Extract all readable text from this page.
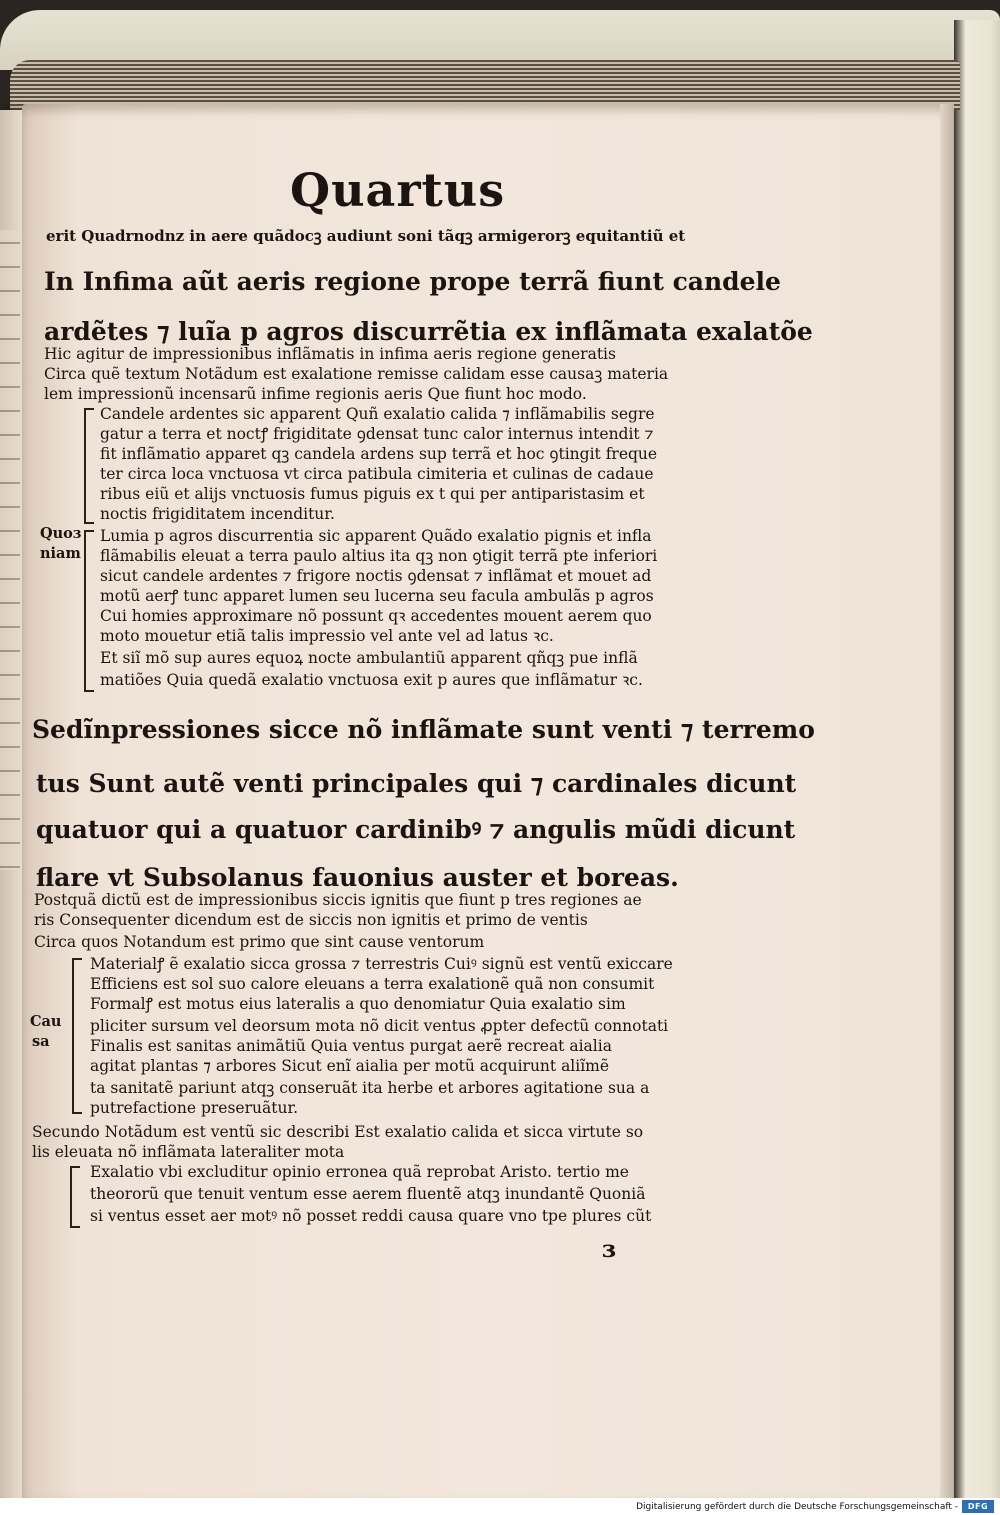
Quartus
erit Quadrnodnz in aere quãdocꝫ audiunt soni tãqꝫ armigerorꝫ equitantiũ et
In Infima aũt aeris regione prope terrã fiunt candele
ardẽtes ⁊ luĩa p agros discurrẽtia ex inflãmata exalatõe
Hic agitur de impressionibus inflãmatis in infima aeris regione generatis
Circa quẽ textum Notãdum est exalatione remisse calidam esse causaꝫ materia
lem impressionũ incensarũ infime regionis aeris Que fiunt hoc modo.
Candele ardentes sic apparent Quñ exalatio calida ⁊ inflãmabilis segre
gatur a terra et noctꝭ frigiditate ꝯdensat tunc calor internus intendit ⁊
fit inflãmatio apparet qꝫ candela ardens sup terrã et hoc ꝯtingit freque
ter circa loca vnctuosa vt circa patibula cimiteria et culinas de cadaue
ribus eiũ et alijs vnctuosis fumus piguis ex t qui per antiparistasim et
noctis frigiditatem incenditur.
Quoɜ
niam
Lumia p agros discurrentia sic apparent Quãdo exalatio pignis et infla
flãmabilis eleuat a terra paulo altius ita qꝫ non ꝯtigit terrã pte inferiori
sicut candele ardentes ⁊ frigore noctis ꝯdensat ⁊ inflãmat et mouet ad
motũ aerꝭ tunc apparet lumen seu lucerna seu facula ambulãs p agros
Cui homies approximare nõ possunt qꝛ accedentes mouent aerem quo
moto mouetur etiã talis impressio vel ante vel ad latus ꝛc.
Et siĩ mõ sup aures equoꝝ nocte ambulantiũ apparent qñqꝫ pue inflã
matiões Quia quedã exalatio vnctuosa exit p aures que inflãmatur ꝛc.
Sedĩnpressiones sicce nõ inflãmate sunt venti ⁊ terremo
tus Sunt autẽ venti principales qui ⁊ cardinales dicunt
quatuor qui a quatuor cardinibꝰ ⁊ angulis mũdi dicunt
flare vt Subsolanus fauonius auster et boreas.
Postquã dictũ est de impressionibus siccis ignitis que fiunt p tres regiones ae
ris Consequenter dicendum est de siccis non ignitis et primo de ventis
Circa quos Notandum est primo que sint cause ventorum
Materialꝭ ẽ exalatio sicca grossa ⁊ terrestris Cuiꝰ signũ est ventũ exiccare
Efficiens est sol suo calore eleuans a terra exalationẽ quã non consumit
Formalꝭ est motus eius lateralis a quo denomiatur Quia exalatio sim
pliciter sursum vel deorsum mota nõ dicit ventus ꝓpter defectũ connotati
Finalis est sanitas animãtiũ Quia ventus purgat aerẽ recreat aialia
agitat plantas ⁊ arbores Sicut enĩ aialia per motũ acquirunt aliĩmẽ
ta sanitatẽ pariunt atqꝫ conseruãt ita herbe et arbores agitatione sua a
putrefactione preseruãtur.
Cau
sa
Secundo Notãdum est ventũ sic describi Est exalatio calida et sicca virtute so
lis eleuata nõ inflãmata lateraliter mota
Exalatio vbi excluditur opinio erronea quã reprobat Aristo. tertio me
theororũ que tenuit ventum esse aerem fluentẽ atqꝫ inundantẽ Quoniã
si ventus esset aer motꝰ nõ posset reddi causa quare vno tpe plures cũt
ɜ
Digitalisierung gefördert durch die Deutsche Forschungsgemeinschaft -	DFG
